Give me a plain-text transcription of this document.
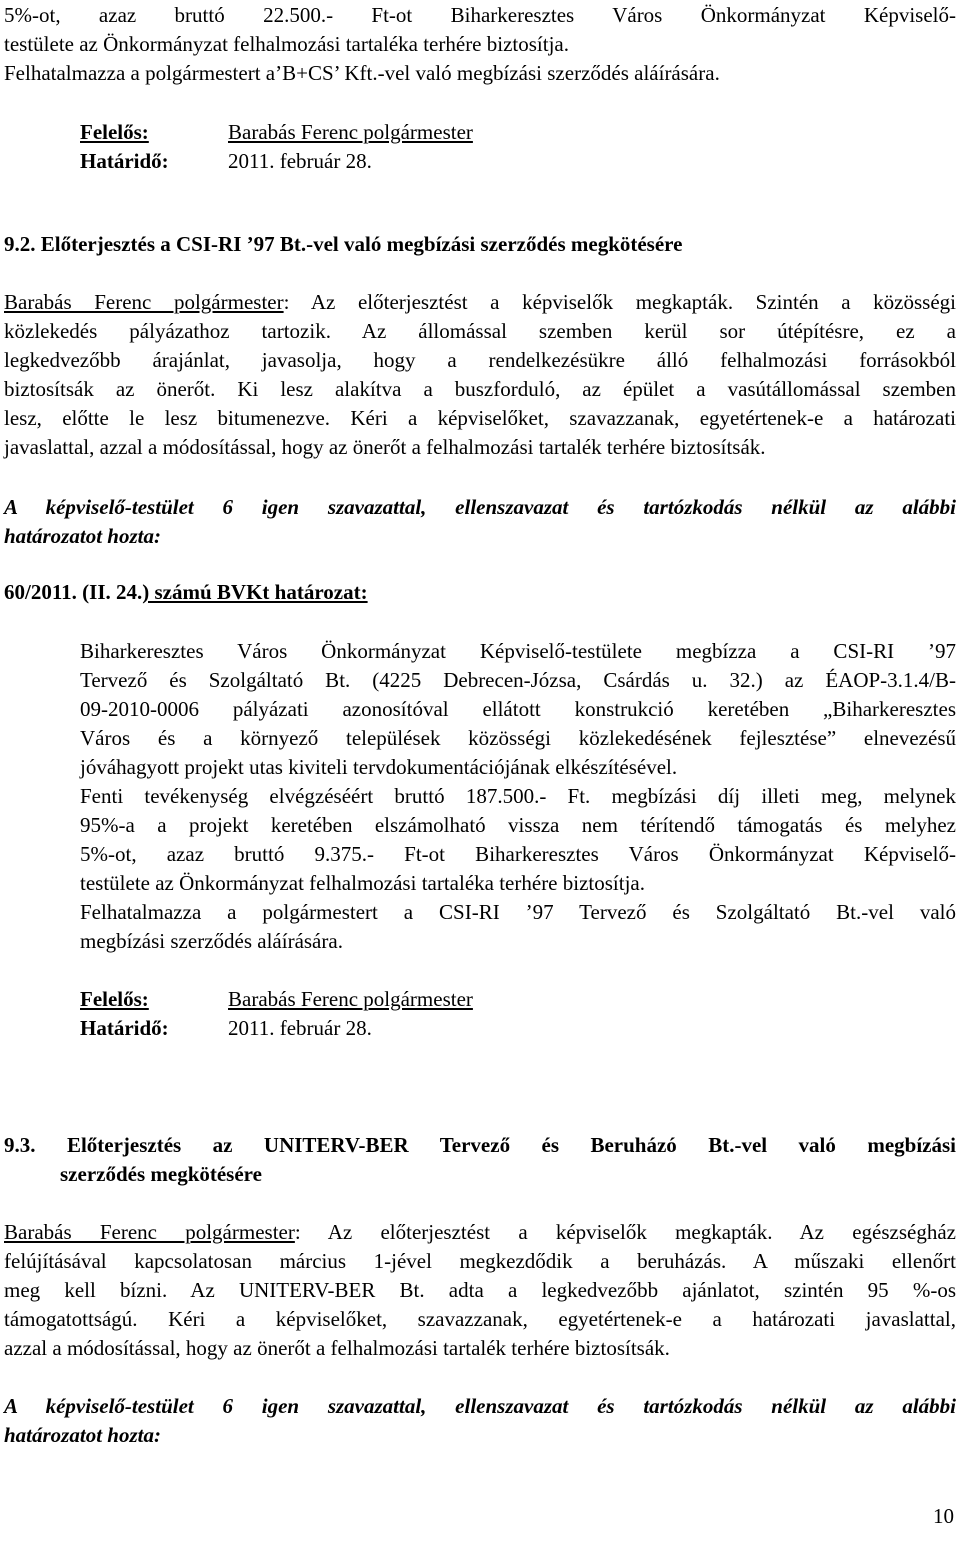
5%-ot, azaz bruttó 22.500.- Ft-ot Biharkeresztes Város Önkormányzat Képviselő-
testülete az Önkormányzat felhalmozási tartaléka terhére biztosítja.
Felhatalmazza a polgármestert a’B+CS’ Kft.-vel való megbízási szerződés aláírására.
Felelős:	Barabás Ferenc polgármester
Határidő:	2011. február 28.
9.2. Előterjesztés a CSI-RI ’97 Bt.-vel való megbízási szerződés megkötésére
Barabás Ferenc polgármester: Az előterjesztést a képviselők megkapták. Szintén a közösségi
közlekedés pályázathoz tartozik. Az állomással szemben kerül sor útépítésre, ez a
legkedvezőbb árajánlat, javasolja, hogy a rendelkezésükre álló felhalmozási forrásokból
biztosítsák az önerőt. Ki lesz alakítva a buszforduló, az épület a vasútállomással szemben
lesz, előtte le lesz bitumenezve. Kéri a képviselőket, szavazzanak, egyetértenek-e a határozati
javaslattal, azzal a módosítással, hogy az önerőt a felhalmozási tartalék terhére biztosítsák.
A képviselő-testület 6 igen szavazattal, ellenszavazat és tartózkodás nélkül az alábbi
határozatot hozta:
60/2011. (II. 24.) számú BVKt határozat:
Biharkeresztes Város Önkormányzat Képviselő-testülete megbízza a CSI-RI ’97
Tervező és Szolgáltató Bt. (4225 Debrecen-Józsa, Csárdás u. 32.) az ÉAOP-3.1.4/B-
09-2010-0006 pályázati azonosítóval ellátott konstrukció keretében „Biharkeresztes
Város és a környező települések közösségi közlekedésének fejlesztése” elnevezésű
jóváhagyott projekt utas kiviteli tervdokumentációjának elkészítésével.
Fenti tevékenység elvégzéséért bruttó 187.500.- Ft. megbízási díj illeti meg, melynek
95%-a a projekt keretében elszámolható vissza nem térítendő támogatás és melyhez
5%-ot, azaz bruttó 9.375.- Ft-ot Biharkeresztes Város Önkormányzat Képviselő-
testülete az Önkormányzat felhalmozási tartaléka terhére biztosítja.
Felhatalmazza a polgármestert a CSI-RI ’97 Tervező és Szolgáltató Bt.-vel való
megbízási szerződés aláírására.
Felelős:	Barabás Ferenc polgármester
Határidő:	2011. február 28.
9.3. Előterjesztés az UNITERV-BER Tervező és Beruházó Bt.-vel való megbízási
szerződés megkötésére
Barabás Ferenc polgármester: Az előterjesztést a képviselők megkapták. Az egészségház
felújításával kapcsolatosan március 1-jével megkezdődik a beruházás. A műszaki ellenőrt
meg kell bízni. Az UNITERV-BER Bt. adta a legkedvezőbb ajánlatot, szintén 95 %-os
támogatottságú. Kéri a képviselőket, szavazzanak, egyetértenek-e a határozati javaslattal,
azzal a módosítással, hogy az önerőt a felhalmozási tartalék terhére biztosítsák.
A képviselő-testület 6 igen szavazattal, ellenszavazat és tartózkodás nélkül az alábbi
határozatot hozta:
10
